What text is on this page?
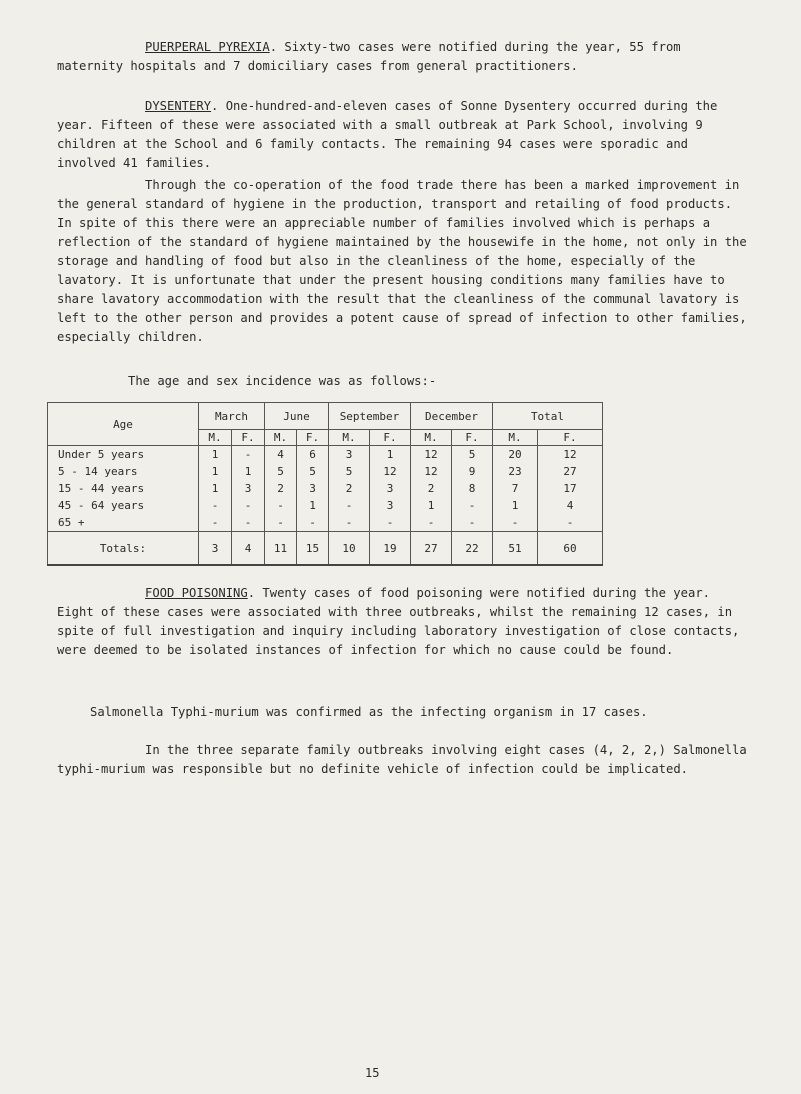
PUERPERAL PYREXIA. Sixty-two cases were notified during the year, 55 from maternity hospitals and 7 domiciliary cases from general practitioners.

DYSENTERY. One-hundred-and-eleven cases of Sonne Dysentery occurred during the year. Fifteen of these were associated with a small outbreak at Park School, involving 9 children at the School and 6 family contacts. The remaining 94 cases were sporadic and involved 41 families.

Through the co-operation of the food trade there has been a marked improvement in the general standard of hygiene in the production, transport and retailing of food products. In spite of this there were an appreciable number of families involved which is perhaps a reflection of the standard of hygiene maintained by the housewife in the home, not only in the storage and handling of food but also in the cleanliness of the home, especially of the lavatory. It is unfortunate that under the present housing conditions many families have to share lavatory accommodation with the result that the cleanliness of the communal lavatory is left to the other person and provides a potent cause of spread of infection to other families, especially children.

The age and sex incidence was as follows:-

Age	March		June		September		December		Total	
	M.	F.	M.	F.	M.	F.	M.	F.	M.	F.
Under 5 years	1	-	4	6	3	1	12	5	20	12
5 - 14 years	1	1	5	5	5	12	12	9	23	27
15 - 44 years	1	3	2	3	2	3	2	8	7	17
45 - 64 years	-	-	-	1	-	3	1	-	1	4
65 +	-	-	-	-	-	-	-	-	-	-
Totals:	3	4	11	15	10	19	27	22	51	60

FOOD POISONING. Twenty cases of food poisoning were notified during the year. Eight of these cases were associated with three outbreaks, whilst the remaining 12 cases, in spite of full investigation and inquiry including laboratory investigation of close contacts, were deemed to be isolated instances of infection for which no cause could be found.

Salmonella Typhi-murium was confirmed as the infecting organism in 17 cases.

In the three separate family outbreaks involving eight cases (4, 2, 2,) Salmonella typhi-murium was responsible but no definite vehicle of infection could be implicated.

15
